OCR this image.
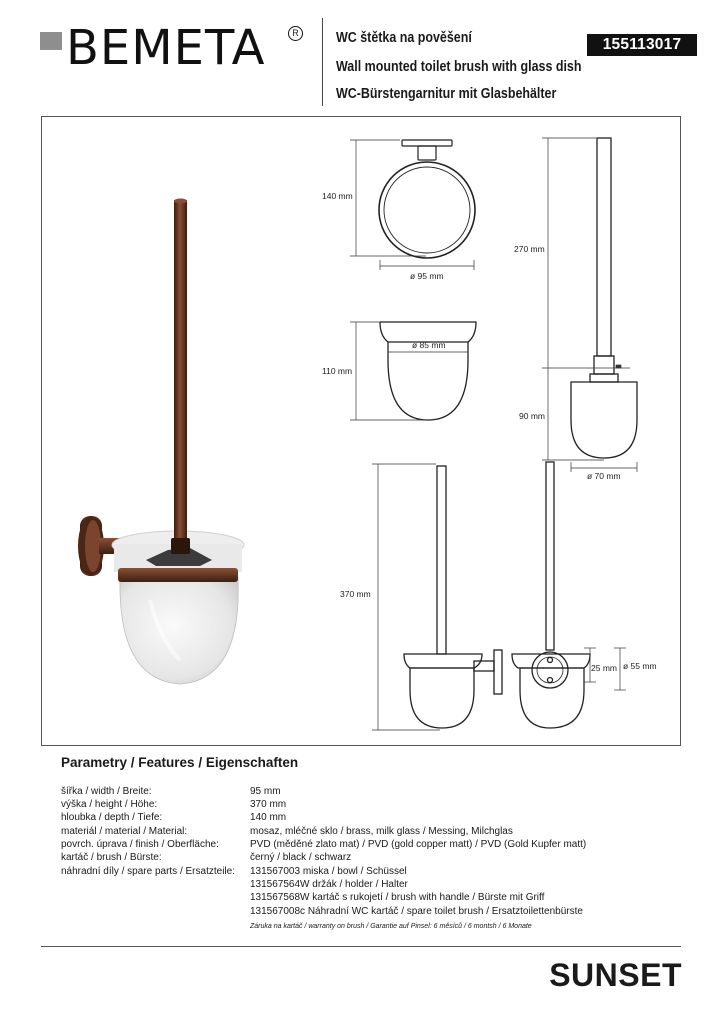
BEMETA	R	WC štětka na pověšení
Wall mounted toilet brush with glass dish
WC-Bürstengarnitur mit Glasbehälter
155113017
140 mm
ø 95 mm
110 mm
ø 85 mm
270 mm
90 mm
ø 70 mm
370 mm
25 mm ø 55 mm
Parametry / Features / Eigenschaften
šířka / width / Breite:	95 mm
výška / height / Höhe:	370 mm
hloubka / depth / Tiefe:	140 mm
materiál / material / Material:	mosaz, mléčné sklo / brass, milk glass / Messing, Milchglas
povrch. úprava / finish / Oberfläche:	PVD (měděné zlato mat) / PVD (gold copper matt) / PVD (Gold Kupfer matt)
kartáč / brush / Bürste:	černý / black / schwarz
náhradní díly / spare parts / Ersatzteile: 131567003 miska / bowl / Schüssel
131567564W držák / holder / Halter
131567568W kartáč s rukojetí / brush with handle / Bürste mit Griff
131567008c Náhradní WC kartáč / spare toilet brush / Ersatztoilettenbürste
Záruka na kartáč / warranty on brush / Garantie auf Pinsel: 6 měsíců / 6 montsh / 6 Monate
SUNSET
